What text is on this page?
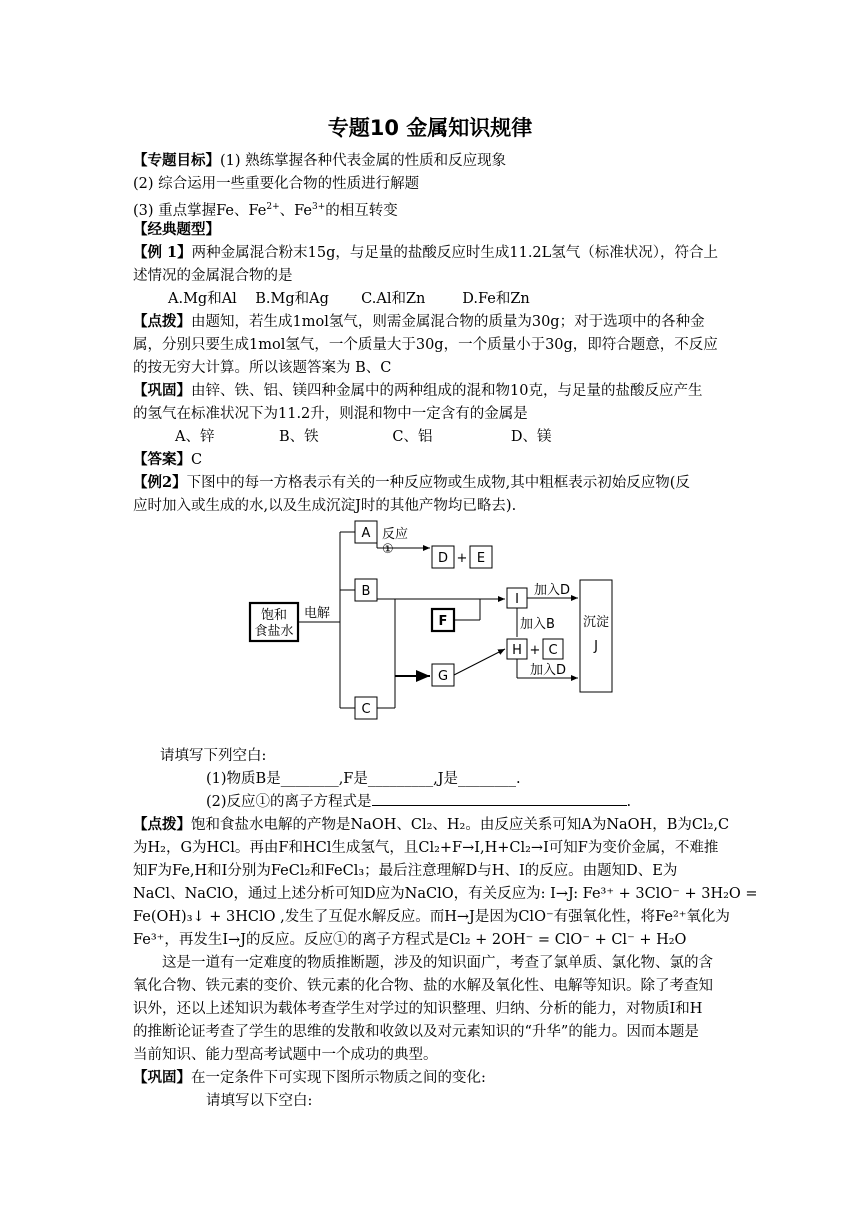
专题10 金属知识规律
【专题目标】(1) 熟练掌握各种代表金属的性质和反应现象
(2) 综合运用一些重要化合物的性质进行解题
(3) 重点掌握Fe、$Fe^{2+}$、$Fe^{3+}$的相互转变
【经典题型】
【例 1】两种金属混合粉末15g，与足量的盐酸反应时生成11.2L氢气（标准状况），符合上
述情况的金属混合物的是
A.Mg和Al    B.Mg和Ag       C.Al和Zn        D.Fe和Zn
【点拨】由题知，若生成1mol氢气，则需金属混合物的质量为30g；对于选项中的各种金
属，分别只要生成1mol氢气，一个质量大于30g，一个质量小于30g，即符合题意，不反应
的按无穷大计算。所以该题答案为 B、C
【巩固】由锌、铁、铝、镁四种金属中的两种组成的混和物10克，与足量的盐酸反应产生
的氢气在标准状况下为11.2升，则混和物中一定含有的金属是
A、锌              B、铁                C、铝                 D、镁
【答案】C
【例2】下图中的每一方格表示有关的一种反应物或生成物,其中粗框表示初始反应物(反
应时加入或生成的水,以及生成沉淀J时的其他产物均已略去).
饱和
食盐水
电解
A
B
C
反应
①
D + E
F
G
I
H + C
加入D
加入B
加入D
沉淀
J
请填写下列空白:
(1)物质B是________,F是_________,J是________.
(2)反应①的离子方程式是	.
【点拨】饱和食盐水电解的产物是NaOH、Cl₂、H₂。由反应关系可知A为NaOH，B为Cl₂,C
为H₂，G为HCl。再由F和HCl生成氢气，且Cl₂+F→I,H+Cl₂→I可知F为变价金属，不难推
知F为Fe,H和I分别为FeCl₂和FeCl₃；最后注意理解D与H、I的反应。由题知D、E为
NaCl、NaClO，通过上述分析可知D应为NaClO，有关反应为: I→J: Fe³⁺ + 3ClO⁻ + 3H₂O =
Fe(OH)₃↓ + 3HClO ,发生了互促水解反应。而H→J是因为ClO⁻有强氧化性，将Fe²⁺氧化为
Fe³⁺，再发生I→J的反应。反应①的离子方程式是Cl₂ + 2OH⁻ = ClO⁻ + Cl⁻ + H₂O
这是一道有一定难度的物质推断题，涉及的知识面广，考查了氯单质、氯化物、氯的含
氧化合物、铁元素的变价、铁元素的化合物、盐的水解及氧化性、电解等知识。除了考查知
识外，还以上述知识为载体考查学生对学过的知识整理、归纳、分析的能力，对物质I和H
的推断论证考查了学生的思维的发散和收敛以及对元素知识的“升华”的能力。因而本题是
当前知识、能力型高考试题中一个成功的典型。
【巩固】在一定条件下可实现下图所示物质之间的变化:
请填写以下空白:
